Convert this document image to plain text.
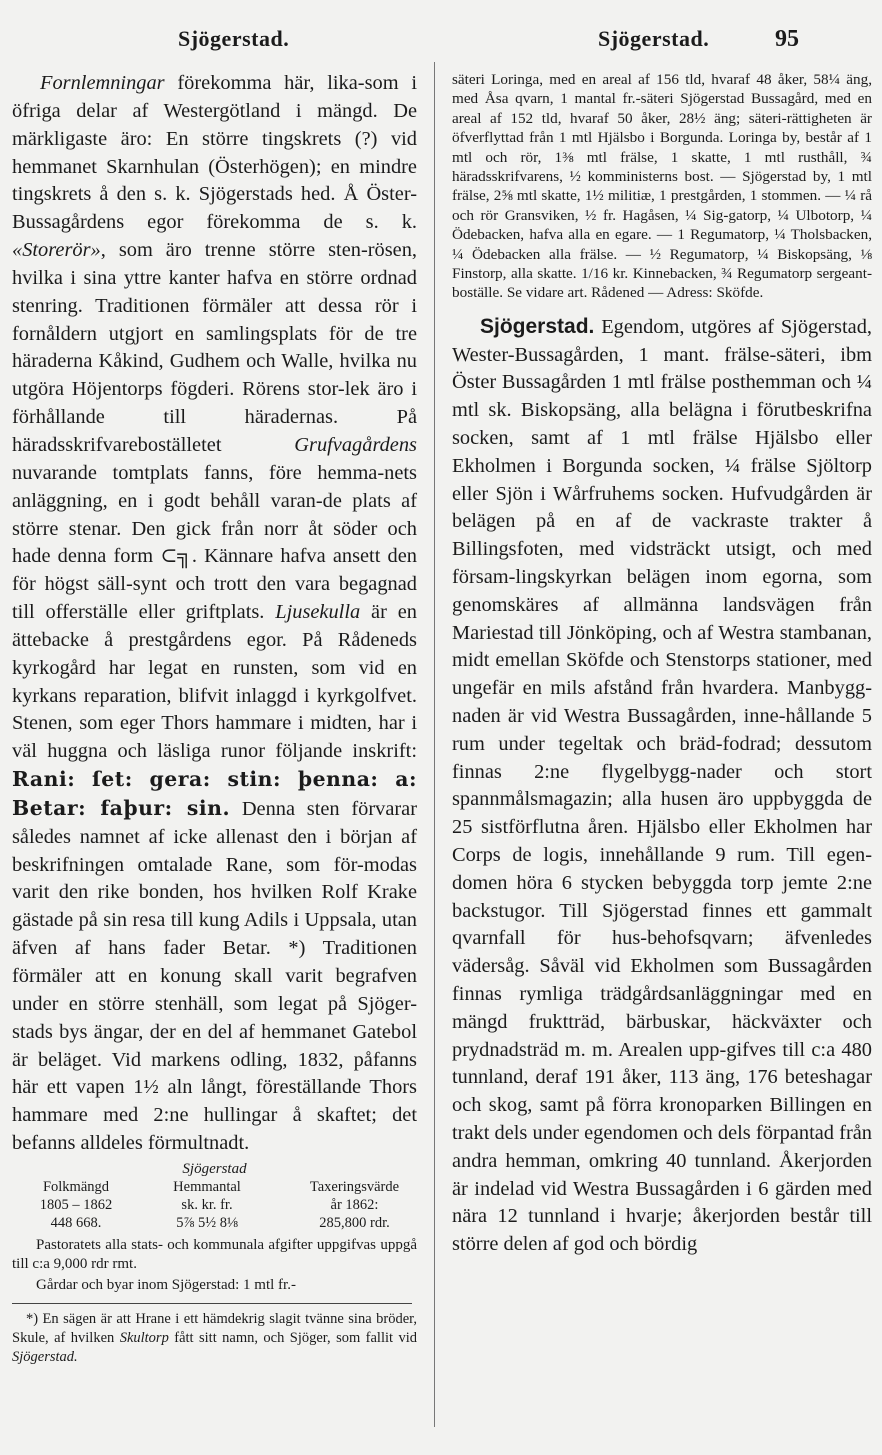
Sjögerstad.	Sjögerstad.	95

Fornlemningar förekomma här, lika-som i öfriga delar af Westergötland i mängd. De märkligaste äro: En större tingskrets (?) vid hemmanet Skarnhulan (Österhögen); en mindre tingskrets å den s. k. Sjögerstads hed. Å Öster-Bussagårdens egor förekomma de s. k. «Storerör», som äro trenne större sten-rösen, hvilka i sina yttre kanter hafva en större ordnad stenring. Traditionen förmäler att dessa rör i fornåldern utgjort en samlingsplats för de tre häraderna Kåkind, Gudhem och Walle, hvilka nu utgöra Höjentorps fögderi. Rörens stor-lek äro i förhållande till häradernas. På häradsskrifvareboställetet Grufvagårdens nuvarande tomtplats fanns, före hemma-nets anläggning, en i godt behåll varan-de plats af större stenar. Den gick från norr åt söder och hade denna form ⊂╗. Kännare hafva ansett den för högst säll-synt och trott den vara begagnad till offerställe eller griftplats. Ljusekulla är en ättebacke å prestgårdens egor. På Rådeneds kyrkogård har legat en runsten, som vid en kyrkans reparation, blifvit inlaggd i kyrkgolfvet. Stenen, som eger Thors hammare i midten, har i väl huggna och läsliga runor följande inskrift: Rani: ſet: gera: stin: þenna: a: Betar: faþur: sin. Denna sten förvarar således namnet af icke allenast den i början af beskrifningen omtalade Rane, som för-modas varit den rike bonden, hos hvilken Rolf Krake gästade på sin resa till kung Adils i Uppsala, utan äfven af hans fader Betar. *) Traditionen förmäler att en konung skall varit begrafven under en större stenhäll, som legat på Sjöger-stads bys ängar, der en del af hemmanet Gatebol är beläget. Vid markens odling, 1832, påfanns här ett vapen 1½ aln långt, föreställande Thors hammare med 2:ne hullingar å skaftet; det befanns alldeles förmultnadt.

Sjögerstad
Folkmängd	Hemmantal	Taxeringsvärde
1805 – 1862	sk. kr. fr.	år 1862:
448 668.	5⅞ 5½ 8⅛	285,800 rdr.
Pastoratets alla stats- och kommunala afgifter uppgifvas uppgå till c:a 9,000 rdr rmt.
Gårdar och byar inom Sjögerstad: 1 mtl fr.-
*) En sägen är att Hrane i ett hämdekrig slagit tvänne sina bröder, Skule, af hvilken Skultorp fått sitt namn, och Sjöger, som fallit vid Sjögerstad.

säteri Loringa, med en areal af 156 tld, hvaraf 48 åker, 58¼ äng, med Åsa qvarn, 1 mantal fr.-säteri Sjögerstad Bussagård, med en areal af 152 tld, hvaraf 50 åker, 28½ äng; säteri-rättigheten är öfverflyttad från 1 mtl Hjälsbo i Borgunda. Loringa by, består af 1 mtl och rör, 1⅜ mtl frälse, 1 skatte, 1 mtl rusthåll, ¾ häradsskrifvarens, ½ komministerns bost. — Sjögerstad by, 1 mtl frälse, 2⅝ mtl skatte, 1½ militiæ, 1 prestgården, 1 stommen. — ¼ rå och rör Gransviken, ½ fr. Hagåsen, ¼ Sig-gatorp, ¼ Ulbotorp, ¼ Ödebacken, hafva alla en egare. — 1 Regumatorp, ¼ Tholsbacken, ¼ Ödebacken alla frälse. — ½ Regumatorp, ¼ Biskopsäng, ⅛ Finstorp, alla skatte. 1/16 kr. Kinnebacken, ¾ Regumatorp sergeant-boställe. Se vidare art. Rådened — Adress: Sköfde.

Sjögerstad. Egendom, utgöres af Sjögerstad, Wester-Bussagården, 1 mant. frälse-säteri, ibm Öster Bussagården 1 mtl frälse posthemman och ¼ mtl sk. Biskopsäng, alla belägna i förutbeskrifna socken, samt af 1 mtl frälse Hjälsbo eller Ekholmen i Borgunda socken, ¼ frälse Sjöltorp eller Sjön i Wårfruhems socken. Hufvudgården är belägen på en af de vackraste trakter å Billingsfoten, med vidsträckt utsigt, och med försam-lingskyrkan belägen inom egorna, som genomskäres af allmänna landsvägen från Mariestad till Jönköping, och af Westra stambanan, midt emellan Sköfde och Stenstorps stationer, med ungefär en mils afstånd från hvardera. Manbygg-naden är vid Westra Bussagården, inne-hållande 5 rum under tegeltak och bräd-fodrad; dessutom finnas 2:ne flygelbygg-nader och stort spannmålsmagazin; alla husen äro uppbyggda de 25 sistförflutna åren. Hjälsbo eller Ekholmen har Corps de logis, innehållande 9 rum. Till egen-domen höra 6 stycken bebyggda torp jemte 2:ne backstugor. Till Sjögerstad finnes ett gammalt qvarnfall för hus-behofsqvarn; äfvenledes vädersåg. Såväl vid Ekholmen som Bussagården finnas rymliga trädgårdsanläggningar med en mängd fruktträd, bärbuskar, häckväxter och prydnadsträd m. m. Arealen upp-gifves till c:a 480 tunnland, deraf 191 åker, 113 äng, 176 beteshagar och skog, samt på förra kronoparken Billingen en trakt dels under egendomen och dels förpantad från andra hemman, omkring 40 tunnland. Åkerjorden är indelad vid Westra Bussagården i 6 gärden med nära 12 tunnland i hvarje; åkerjorden består till större delen af god och bördig
